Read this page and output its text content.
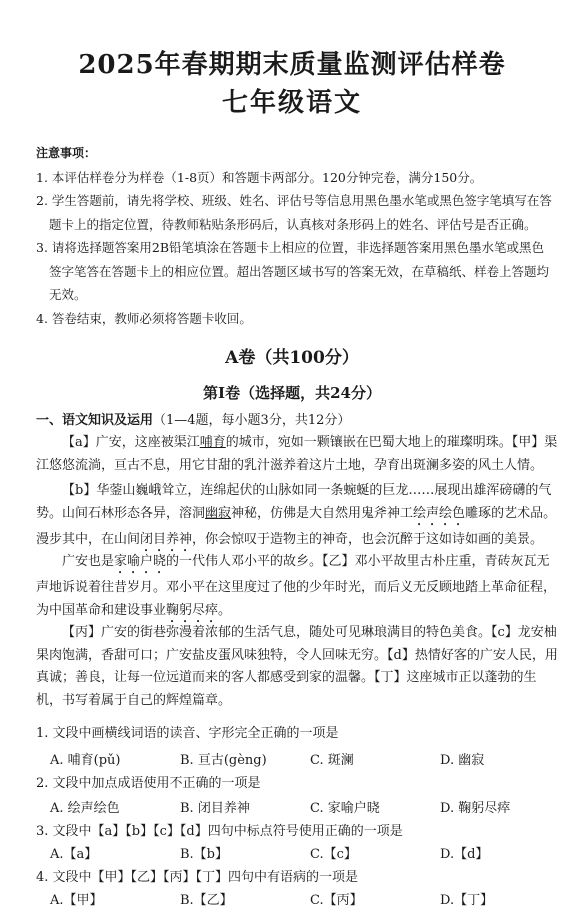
2025年春期期末质量监测评估样卷
七年级语文
注意事项：

1. 本评估样卷分为样卷（1-8页）和答题卡两部分。120分钟完卷，满分150分。

2. 学生答题前，请先将学校、班级、姓名、评估号等信息用黑色墨水笔或黑色签字笔填写在答题卡上的指定位置，待教师粘贴条形码后，认真核对条形码上的姓名、评估号是否正确。

3. 请将选择题答案用2B铅笔填涂在答题卡上相应的位置，非选择题答案用黑色墨水笔或黑色签字笔答在答题卡上的相应位置。超出答题区域书写的答案无效，在草稿纸、样卷上答题均无效。

4. 答卷结束，教师必须将答题卡收回。

A卷（共100分）
第Ⅰ卷（选择题，共24分）
一、语文知识及运用（1—4题，每小题3分，共12分）

【a】广安，这座被渠江哺育的城市，宛如一颗镶嵌在巴蜀大地上的璀璨明珠。【甲】渠江悠悠流淌，亘古不息，用它甘甜的乳汁滋养着这片土地，孕育出斑澜多姿的风土人情。

【b】华蓥山巍峨耸立，连绵起伏的山脉如同一条蜿蜒的巨龙……展现出雄浑磅礴的气势。山间石林形态各异，溶洞幽寂神秘，仿佛是大自然用鬼斧神工绘声绘色雕琢的艺术品。漫步其中，在山间闭目养神，你会惊叹于造物主的神奇，也会沉醉于这如诗如画的美景。

广安也是家喻户晓的一代伟人邓小平的故乡。【乙】邓小平故里古朴庄重，青砖灰瓦无声地诉说着往昔岁月。邓小平在这里度过了他的少年时光，而后义无反顾地踏上革命征程，为中国革命和建设事业鞠躬尽瘁。

【丙】广安的街巷弥漫着浓郁的生活气息，随处可见琳琅满目的特色美食。【c】龙安柚果肉饱满，香甜可口；广安盐皮蛋风味独特，令人回味无穷。【d】热情好客的广安人民，用真诚；善良，让每一位远道而来的客人都感受到家的温馨。【丁】这座城市正以蓬勃的生机，书写着属于自己的辉煌篇章。

1. 文段中画横线词语的读音、字形完全正确的一项是
A. 哺育(pǔ)	B. 亘古(gèng)	C. 斑澜	D. 幽寂
2. 文段中加点成语使用不正确的一项是
A. 绘声绘色	B. 闭目养神	C. 家喻户晓	D. 鞠躬尽瘁
3. 文段中【a】【b】【c】【d】四句中标点符号使用正确的一项是
A.【a】	B.【b】	C.【c】	D.【d】
4. 文段中【甲】【乙】【丙】【丁】四句中有语病的一项是
A.【甲】	B.【乙】	C.【丙】	D.【丁】
